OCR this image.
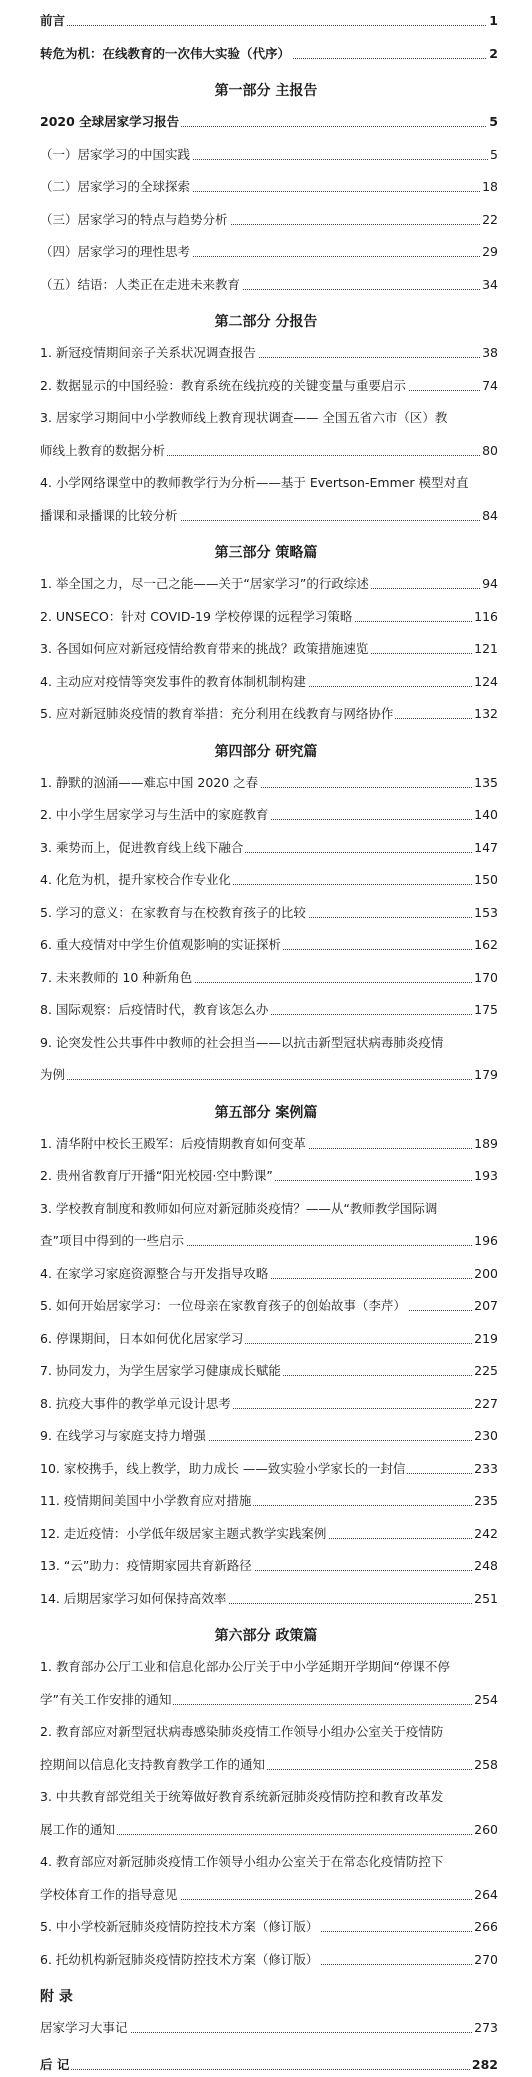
前言	1
转危为机：在线教育的一次伟大实验（代序）	2
第一部分 主报告
2020 全球居家学习报告	5
（一）居家学习的中国实践	5
（二）居家学习的全球探索	18
（三）居家学习的特点与趋势分析	22
（四）居家学习的理性思考	29
（五）结语：人类正在走进未来教育	34
第二部分 分报告
1. 新冠疫情期间亲子关系状况调查报告	38
2. 数据显示的中国经验：教育系统在线抗疫的关键变量与重要启示	74
3. 居家学习期间中小学教师线上教育现状调查—— 全国五省六市（区）教
师线上教育的数据分析	80
4. 小学网络课堂中的教师教学行为分析——基于 Evertson-Emmer 模型对直
播课和录播课的比较分析	84
第三部分 策略篇
1. 举全国之力，尽一己之能——关于“居家学习”的行政综述	94
2. UNSECO：针对 COVID-19 学校停课的远程学习策略	116
3. 各国如何应对新冠疫情给教育带来的挑战？政策措施速览	121
4. 主动应对疫情等突发事件的教育体制机制构建	124
5. 应对新冠肺炎疫情的教育举措：充分利用在线教育与网络协作	132
第四部分 研究篇
1. 静默的汹涌——难忘中国 2020 之春	135
2. 中小学生居家学习与生活中的家庭教育	140
3. 乘势而上，促进教育线上线下融合	147
4. 化危为机，提升家校合作专业化	150
5. 学习的意义：在家教育与在校教育孩子的比较	153
6. 重大疫情对中学生价值观影响的实证探析	162
7. 未来教师的 10 种新角色	170
8. 国际观察：后疫情时代，教育该怎么办	175
9. 论突发性公共事件中教师的社会担当——以抗击新型冠状病毒肺炎疫情
为例	179
第五部分 案例篇
1. 清华附中校长王殿军：后疫情期教育如何变革	189
2. 贵州省教育厅开播“阳光校园·空中黔课”	193
3. 学校教育制度和教师如何应对新冠肺炎疫情？——从“教师教学国际调
查”项目中得到的一些启示	196
4. 在家学习家庭资源整合与开发指导攻略	200
5. 如何开始居家学习：一位母亲在家教育孩子的创始故事（李芹）	207
6. 停课期间，日本如何优化居家学习	219
7. 协同发力，为学生居家学习健康成长赋能	225
8. 抗疫大事件的教学单元设计思考	227
9. 在线学习与家庭支持力增强	230
10. 家校携手，线上教学，助力成长 ——致实验小学家长的一封信	233
11. 疫情期间美国中小学教育应对措施	235
12. 走近疫情：小学低年级居家主题式教学实践案例	242
13. “云”助力：疫情期家园共育新路径	248
14. 后期居家学习如何保持高效率	251
第六部分 政策篇
1. 教育部办公厅工业和信息化部办公厅关于中小学延期开学期间“停课不停
学”有关工作安排的通知	254
2. 教育部应对新型冠状病毒感染肺炎疫情工作领导小组办公室关于疫情防
控期间以信息化支持教育教学工作的通知	258
3. 中共教育部党组关于统筹做好教育系统新冠肺炎疫情防控和教育改革发
展工作的通知	260
4. 教育部应对新冠肺炎疫情工作领导小组办公室关于在常态化疫情防控下
学校体育工作的指导意见	264
5. 中小学校新冠肺炎疫情防控技术方案（修订版）	266
6. 托幼机构新冠肺炎疫情防控技术方案（修订版）	270
附 录
居家学习大事记	273
后 记	282
